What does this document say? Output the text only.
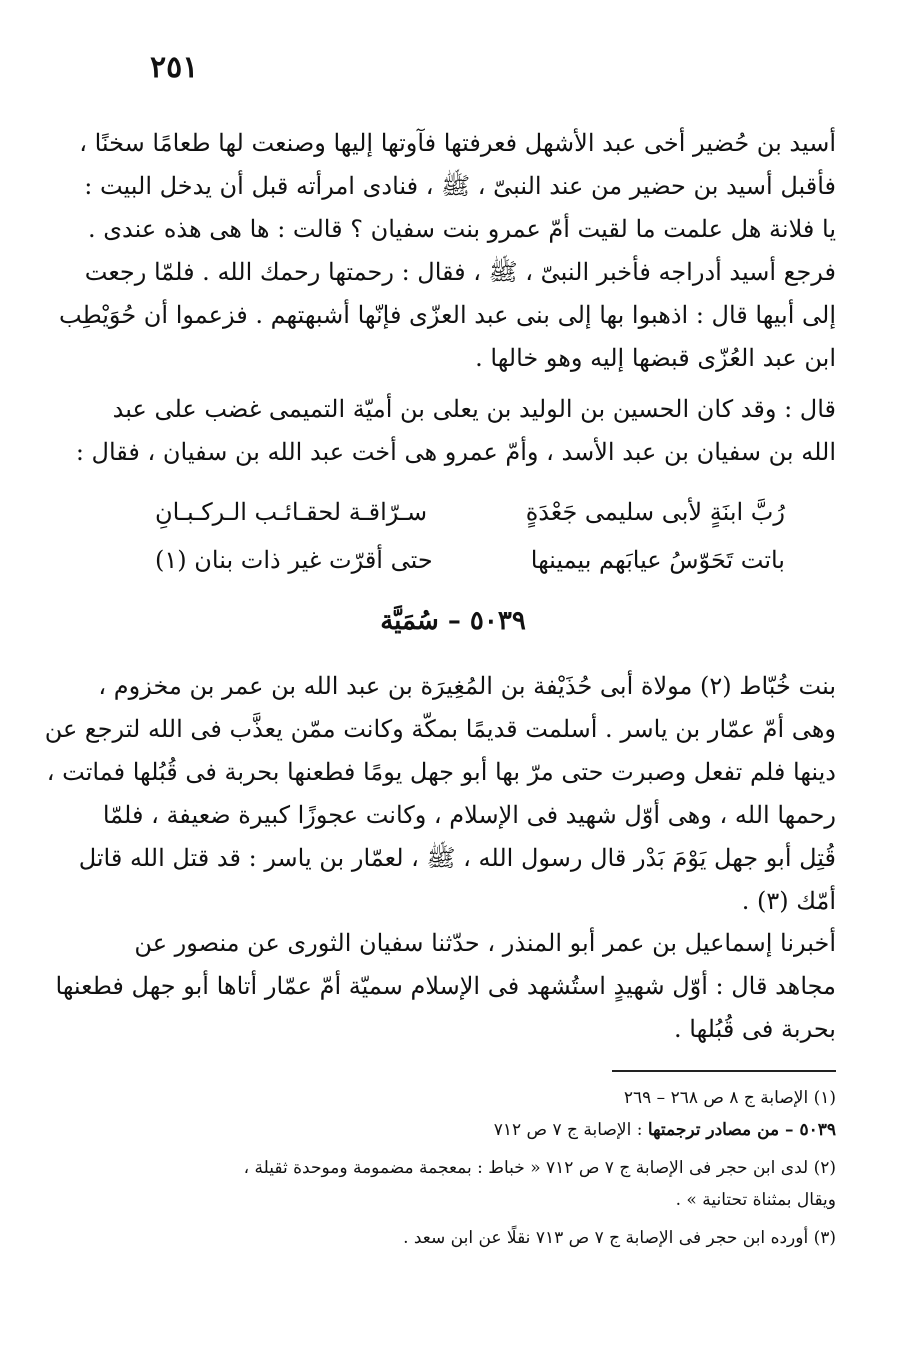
٢٥١
أسيد بن حُضير أخى عبد الأشهل فعرفتها فآوتها إليها وصنعت لها طعامًا سخنًا ،
فأقبل أسيد بن حضير من عند النبىّ ، ﷺ ، فنادى امرأته قبل أن يدخل البيت :
يا فلانة هل علمت ما لقيت أمّ عمرو بنت سفيان ؟ قالت : ها هى هذه عندى .
فرجع أسيد أدراجه فأخبر النبىّ ، ﷺ ، فقال : رحمتها رحمك الله . فلمّا رجعت
إلى أبيها قال : اذهبوا بها إلى بنى عبد العزّى فإنّها أشبهتهم . فزعموا أن حُوَيْطِب
ابن عبد العُزّى قبضها إليه وهو خالها .
قال : وقد كان الحسين بن الوليد بن يعلى بن أميّة التميمى غضب على عبد
الله بن سفيان بن عبد الأسد ، وأمّ عمرو هى أخت عبد الله بن سفيان ، فقال :
رُبَّ ابنَةٍ لأبى سليمى جَعْدَةٍ
سـرّاقـة لحقـائـب الـركـبـانِ
باتت تَحَوّسُ عيابَهم بيمينها
حتى أقرّت غير ذات بنان (١)
٥٠٣٩ – سُمَيَّة
بنت خُبّاط (٢) مولاة أبى حُذَيْفة بن المُغِيرَة بن عبد الله بن عمر بن مخزوم ،
وهى أمّ عمّار بن ياسر . أسلمت قديمًا بمكّة وكانت ممّن يعذَّب فى الله لترجع عن
دينها فلم تفعل وصبرت حتى مرّ بها أبو جهل يومًا فطعنها بحربة فى قُبُلها فماتت ،
رحمها الله ، وهى أوّل شهيد فى الإسلام ، وكانت عجوزًا كبيرة ضعيفة ، فلمّا
قُتِل أبو جهل يَوْمَ بَدْر قال رسول الله ، ﷺ ، لعمّار بن ياسر : قد قتل الله قاتل
أمّك (٣) .
أخبرنا إسماعيل بن عمر أبو المنذر ، حدّثنا سفيان الثورى عن منصور عن
مجاهد قال : أوّل شهيدٍ استُشهد فى الإسلام سميّة أمّ عمّار أتاها أبو جهل فطعنها
بحربة فى قُبُلها .
(١) الإصابة ج ٨ ص ٢٦٨ – ٢٦٩
٥٠٣٩ – من مصادر ترجمتها : الإصابة ج ٧ ص ٧١٢
(٢) لدى ابن حجر فى الإصابة ج ٧ ص ٧١٢ « خباط : بمعجمة مضمومة وموحدة ثقيلة ،
ويقال بمثناة تحتانية » .
(٣) أورده ابن حجر فى الإصابة ج ٧ ص ٧١٣ نقلًا عن ابن سعد .
